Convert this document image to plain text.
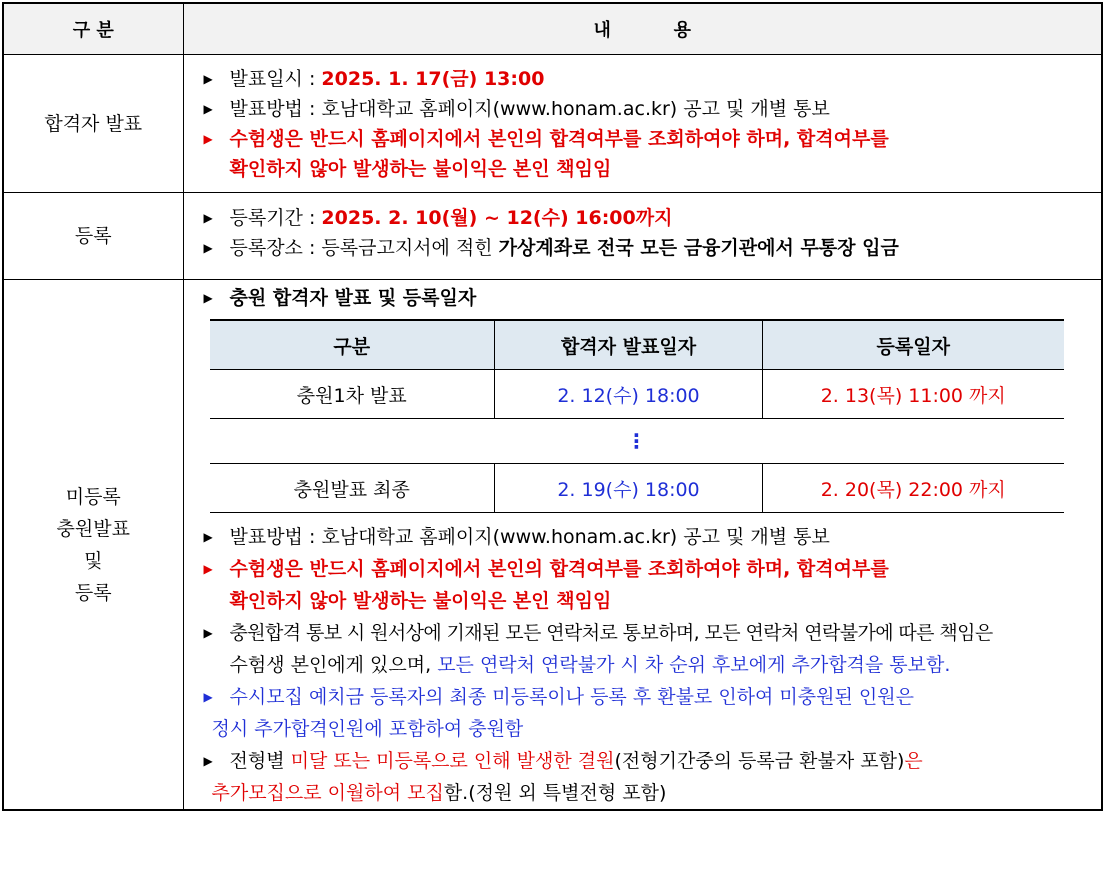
구 분	내          용
합격자 발표	
▶ 발표일시 : 2025. 1. 17(금) 13:00
▶ 발표방법 : 호남대학교 홈페이지(www.honam.ac.kr) 공고 및 개별 통보
▶ 수험생은 반드시 홈페이지에서 본인의 합격여부를 조회하여야 하며, 합격여부를
확인하지 않아 발생하는 불이익은 본인 책임임

등록	
▶ 등록기간 : 2025. 2. 10(월) ~ 12(수) 16:00까지
▶ 등록장소 : 등록금고지서에 적힌 가상계좌로 전국 모든 금융기관에서 무통장 입금

미등록
충원발표
및
등록

▶ 충원 합격자 발표 및 등록일자
구분	합격자 발표일자	등록일자
충원1차 발표	2. 12(수) 18:00	2. 13(목) 11:00 까지
⋮
충원발표 최종	2. 19(수) 18:00	2. 20(목) 22:00 까지
▶ 발표방법 : 호남대학교 홈페이지(www.honam.ac.kr) 공고 및 개별 통보
▶ 수험생은 반드시 홈페이지에서 본인의 합격여부를 조회하여야 하며, 합격여부를
확인하지 않아 발생하는 불이익은 본인 책임임
▶ 충원합격 통보 시 원서상에 기재된 모든 연락처로 통보하며, 모든 연락처 연락불가에 따른 책임은
수험생 본인에게 있으며, 모든 연락처 연락불가 시 차 순위 후보에게 추가합격을 통보함.
▶ 수시모집 예치금 등록자의 최종 미등록이나 등록 후 환불로 인하여 미충원된 인원은
정시 추가합격인원에 포함하여 충원함
▶ 전형별 미달 또는 미등록으로 인해 발생한 결원(전형기간중의 등록금 환불자 포함)은
추가모집으로 이월하여 모집함.(정원 외 특별전형 포함)
